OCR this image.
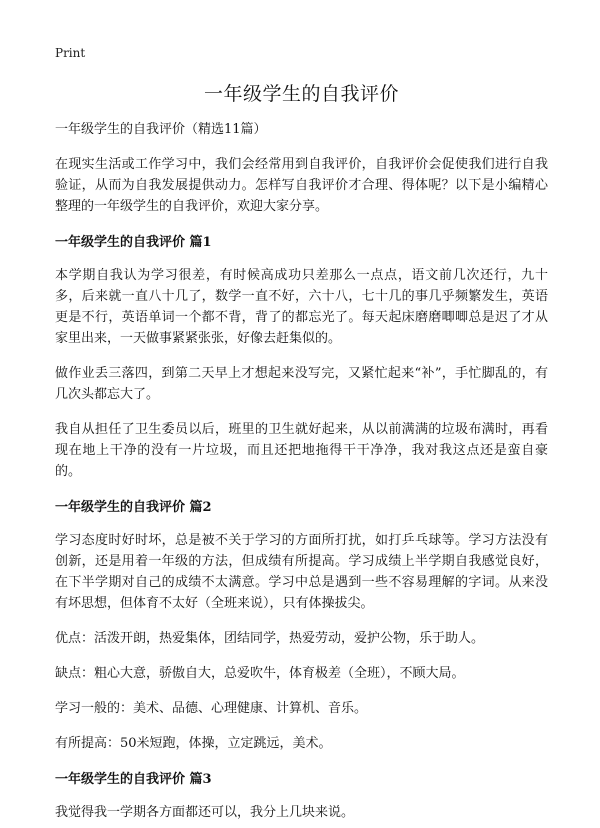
Print
一年级学生的自我评价
一年级学生的自我评价（精选11篇）

在现实生活或工作学习中，我们会经常用到自我评价，自我评价会促使我们进行自我验证，从而为自我发展提供动力。怎样写自我评价才合理、得体呢？以下是小编精心整理的一年级学生的自我评价，欢迎大家分享。

一年级学生的自我评价 篇1

本学期自我认为学习很差，有时候高成功只差那么一点点，语文前几次还行，九十多，后来就一直八十几了，数学一直不好，六十八，七十几的事几乎频繁发生，英语更是不行，英语单词一个都不背，背了的都忘光了。每天起床磨磨唧唧总是迟了才从家里出来，一天做事紧紧张张，好像去赶集似的。

做作业丢三落四，到第二天早上才想起来没写完，又紧忙起来“补”，手忙脚乱的，有几次头都忘大了。

我自从担任了卫生委员以后，班里的卫生就好起来，从以前满满的垃圾布满时，再看现在地上干净的没有一片垃圾，而且还把地拖得干干净净，我对我这点还是蛮自豪的。

一年级学生的自我评价 篇2

学习态度时好时坏，总是被不关于学习的方面所打扰，如打乒乓球等。学习方法没有创新，还是用着一年级的方法，但成绩有所提高。学习成绩上半学期自我感觉良好，在下半学期对自己的成绩不太满意。学习中总是遇到一些不容易理解的字词。从来没有坏思想，但体育不太好（全班来说），只有体操拔尖。

优点：活泼开朗，热爱集体，团结同学，热爱劳动，爱护公物，乐于助人。

缺点：粗心大意，骄傲自大，总爱吹牛，体育极差（全班），不顾大局。

学习一般的：美术、品德、心理健康、计算机、音乐。

有所提高：50米短跑，体操，立定跳远，美术。

一年级学生的自我评价 篇3

我觉得我一学期各方面都还可以，我分上几块来说。
